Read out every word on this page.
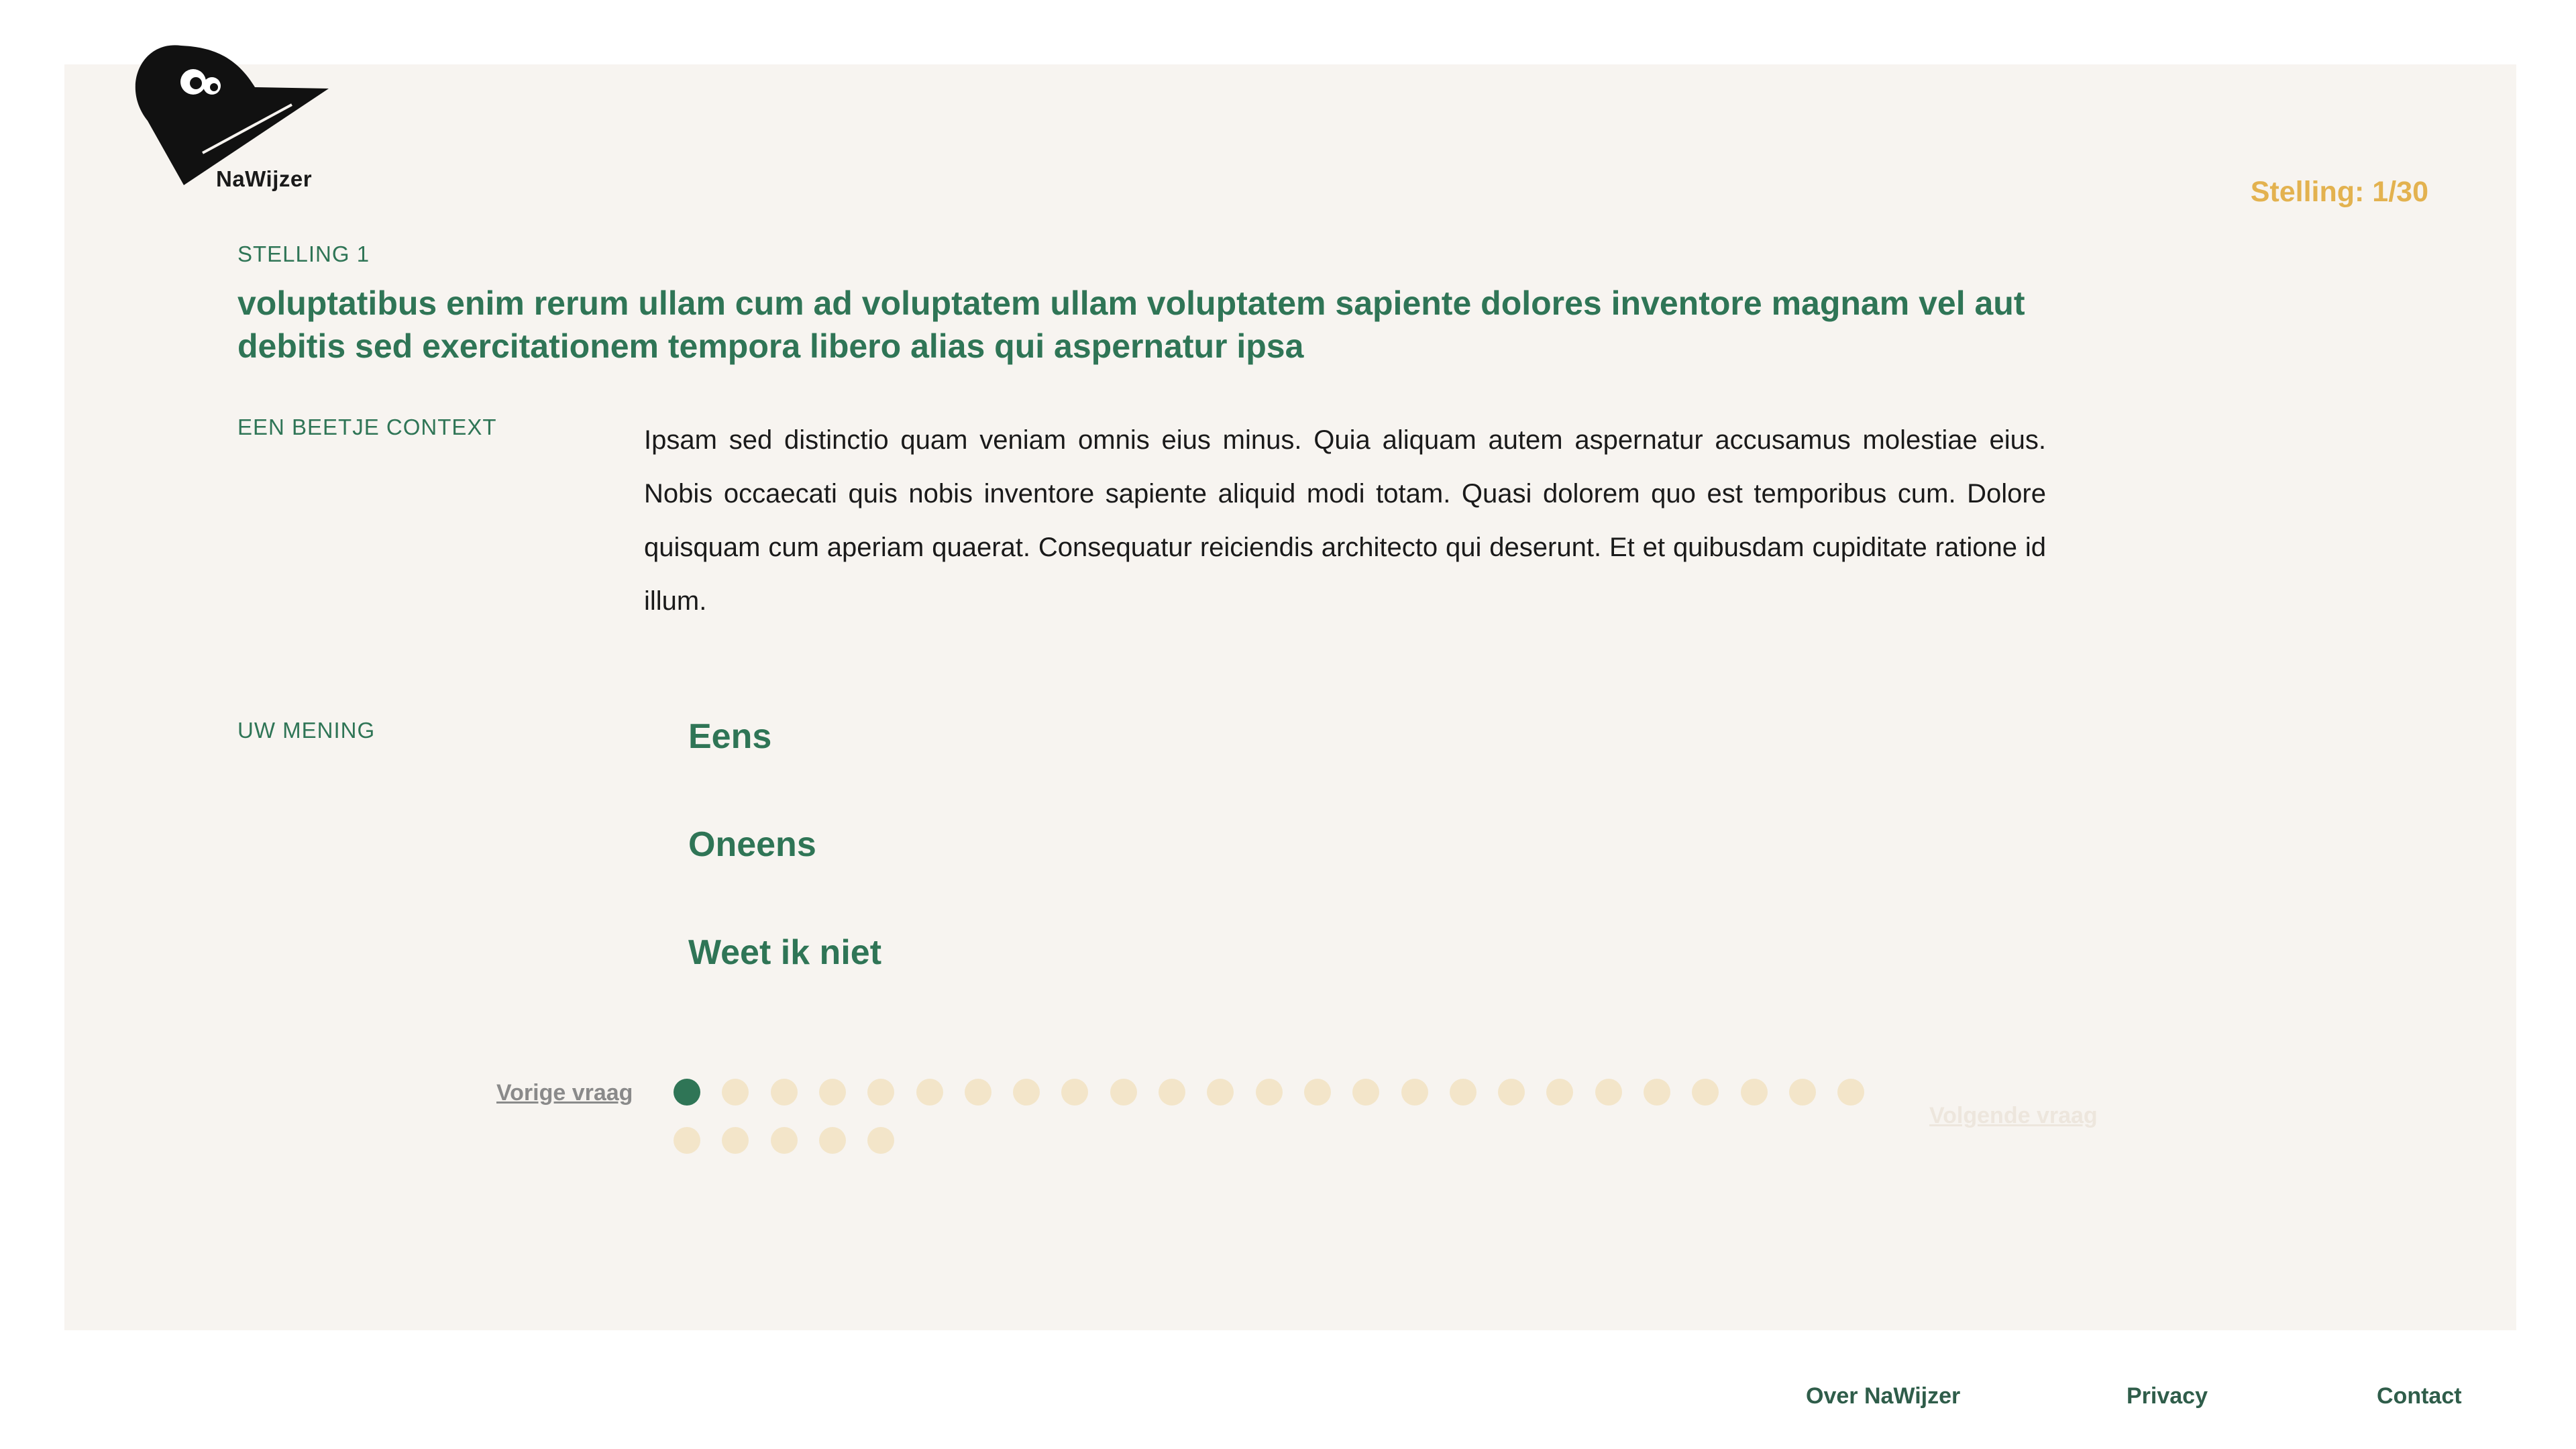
NaWijzer	Stelling: 1/30
STELLING 1
voluptatibus enim rerum ullam cum ad voluptatem ullam voluptatem sapiente dolores inventore magnam vel aut debitis sed exercitationem tempora libero alias qui aspernatur ipsa
EEN BEETJE CONTEXT	Ipsam sed distinctio quam veniam omnis eius minus. Quia aliquam autem aspernatur accusamus molestiae eius. Nobis occaecati quis nobis inventore sapiente aliquid modi totam. Quasi dolorem quo est temporibus cum. Dolore quisquam cum aperiam quaerat. Consequatur reiciendis architecto qui deserunt. Et et quibusdam cupiditate ratione id illum.
UW MENING	Eens
Oneens
Weet ik niet
Vorige vraag
Volgende vraag
Over NaWijzer	Privacy	Contact
